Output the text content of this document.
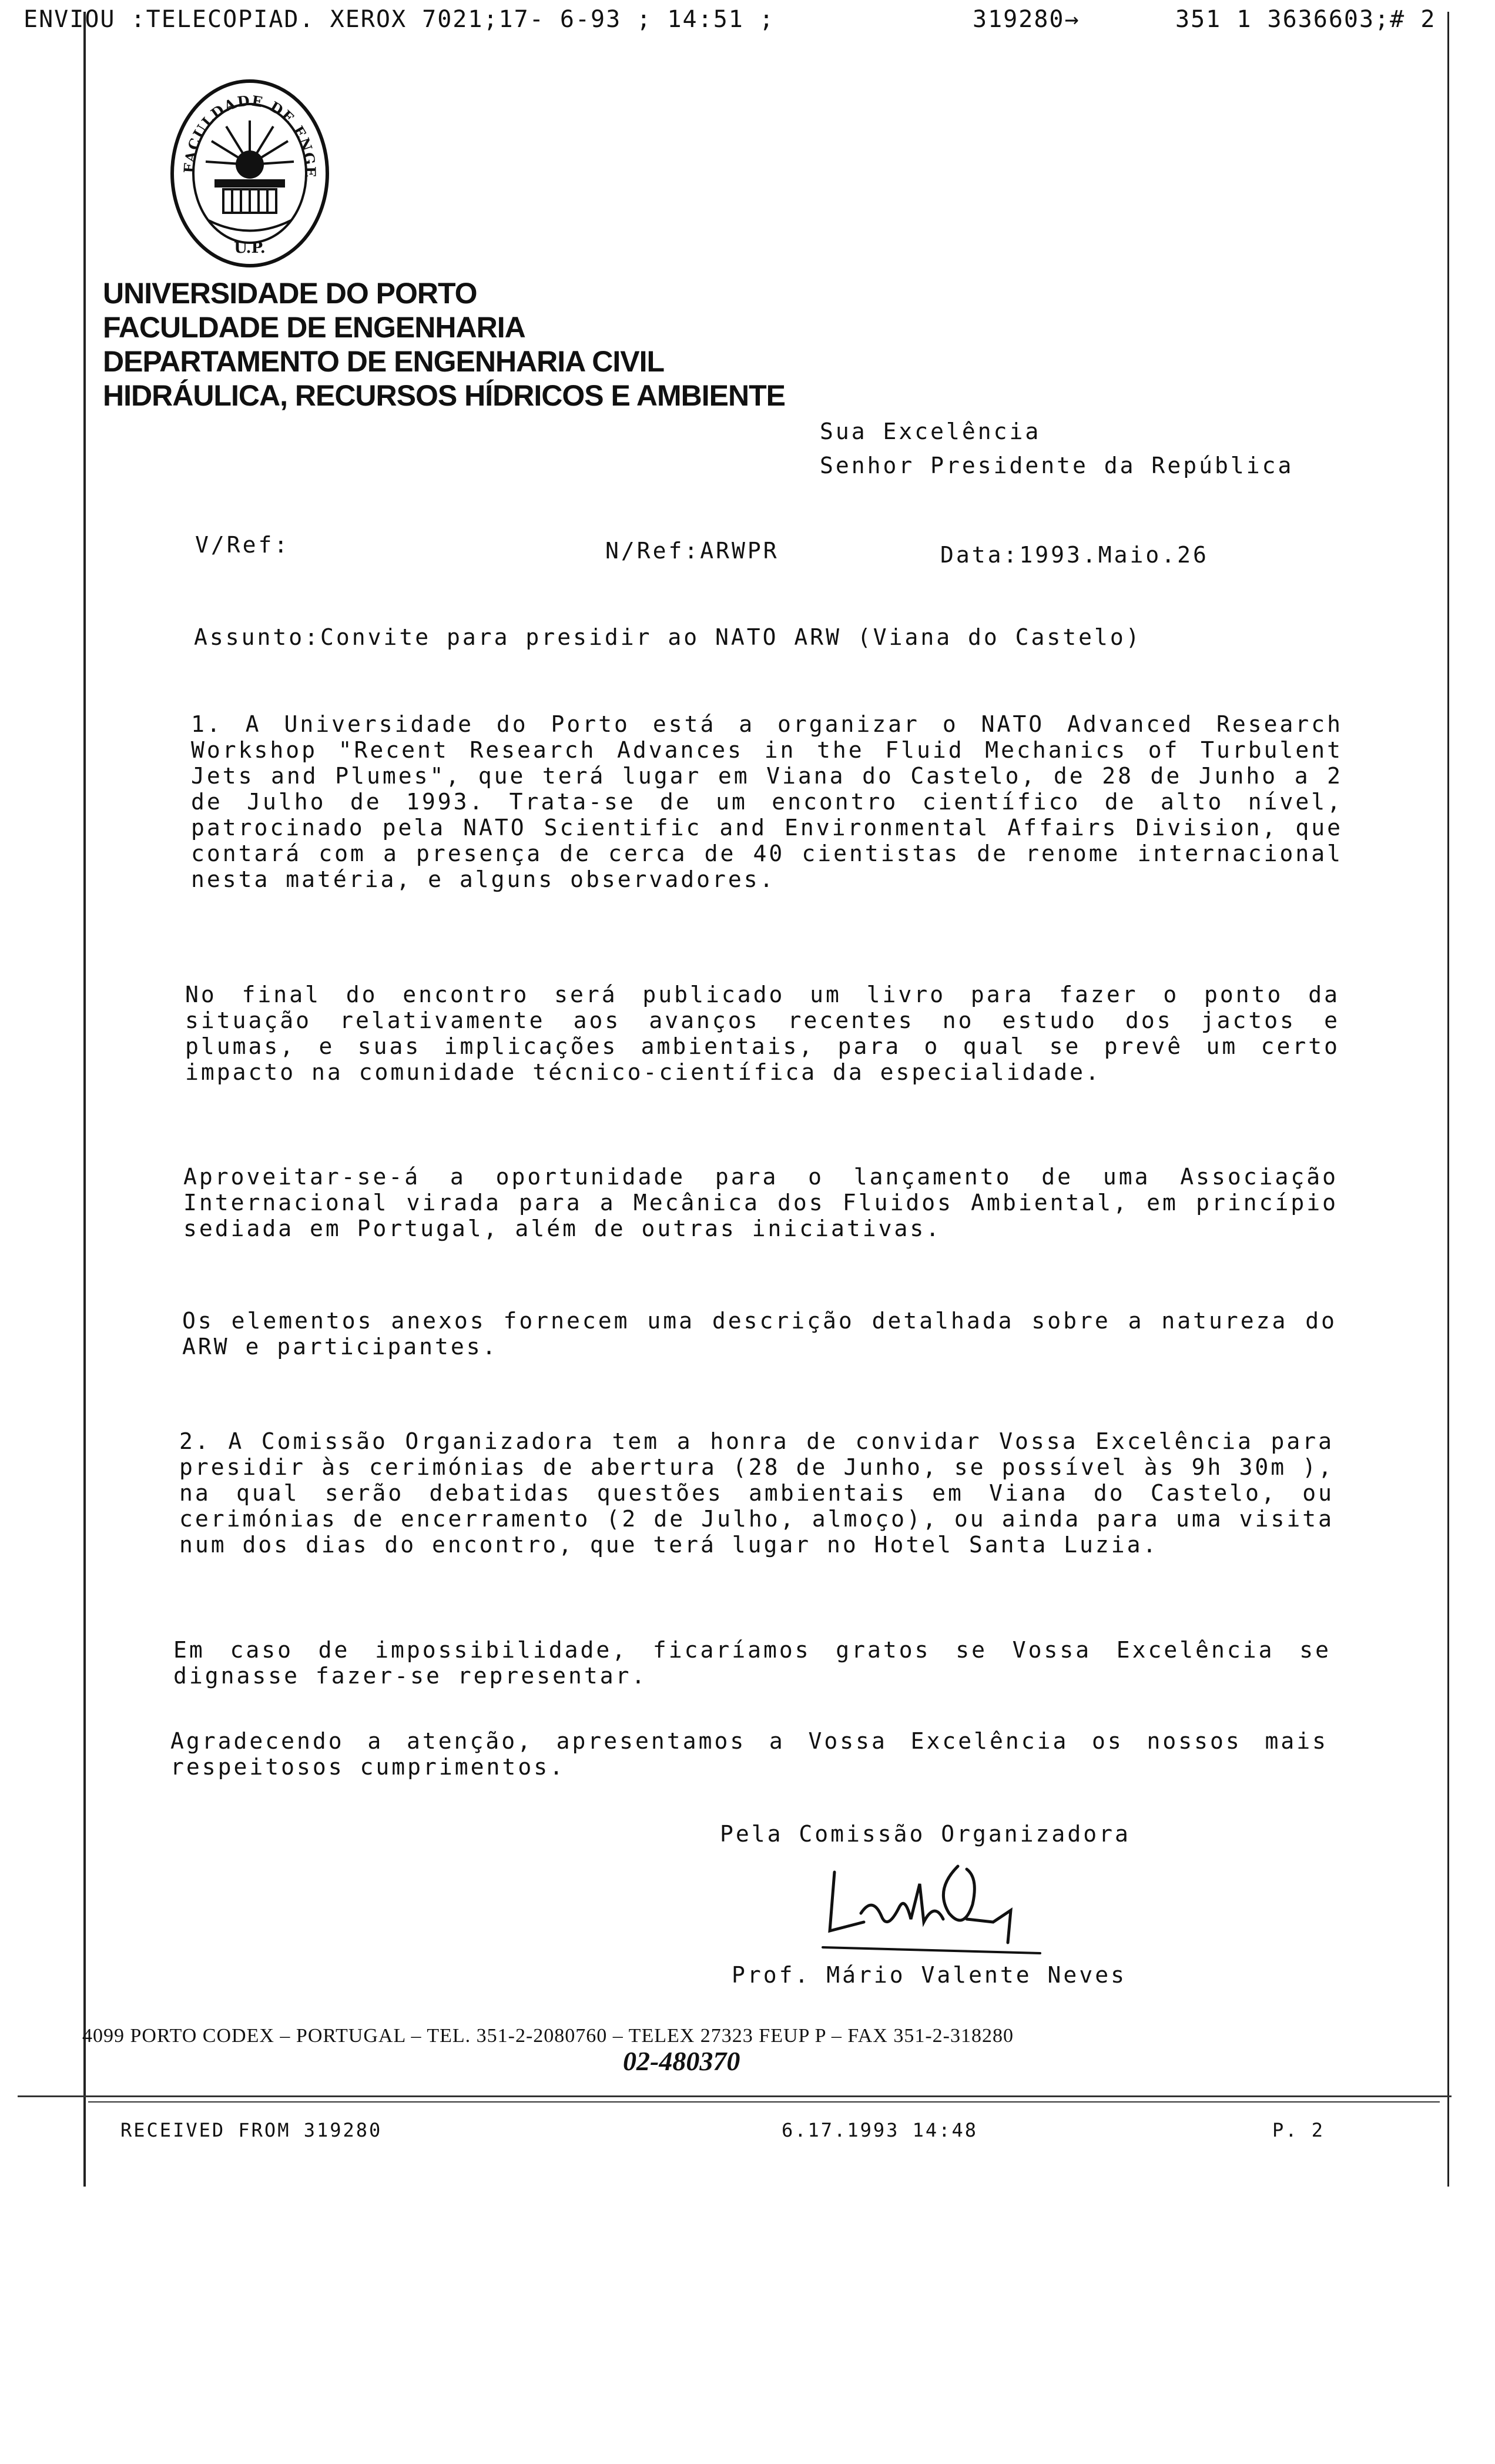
ENVIOU :TELECOPIAD. XEROX 7021;17- 6-93 ; 14:51 ;	319280→	351 1 3636603;# 2
FACULDADE DE ENGE
U.P.
UNIVERSIDADE DO PORTO
FACULDADE DE ENGENHARIA
DEPARTAMENTO DE ENGENHARIA CIVIL
HIDRÁULICA, RECURSOS HÍDRICOS E AMBIENTE
Sua Excelência
Senhor Presidente da República
V/Ref:	N/Ref:ARWPR	Data:1993.Maio.26
Assunto:Convite para presidir ao NATO ARW (Viana do Castelo)
1. A Universidade do Porto está a organizar o NATO Advanced Research Workshop "Recent Research Advances in the Fluid Mechanics of Turbulent Jets and Plumes", que terá lugar em Viana do Castelo, de 28 de Junho a 2 de Julho de 1993. Trata-se de um encontro científico de alto nível, patrocinado pela NATO Scientific and Environmental Affairs Division, que contará com a presença de cerca de 40 cientistas de renome internacional nesta matéria, e alguns observadores.
No final do encontro será publicado um livro para fazer o ponto da situação relativamente aos avanços recentes no estudo dos jactos e plumas, e suas implicações ambientais, para o qual se prevê um certo impacto na comunidade técnico-científica da especialidade.
Aproveitar-se-á a oportunidade para o lançamento de uma Associação Internacional virada para a Mecânica dos Fluidos Ambiental, em princípio sediada em Portugal, além de outras iniciativas.
Os elementos anexos fornecem uma descrição detalhada sobre a natureza do ARW e participantes.
2. A Comissão Organizadora tem a honra de convidar Vossa Excelência para presidir às cerimónias de abertura (28 de Junho, se possível às 9h 30m ), na qual serão debatidas questões ambientais em Viana do Castelo, ou cerimónias de encerramento (2 de Julho, almoço), ou ainda para uma visita num dos dias do encontro, que terá lugar no Hotel Santa Luzia.
Em caso de impossibilidade, ficaríamos gratos se Vossa Excelência se dignasse fazer-se representar.
Agradecendo a atenção, apresentamos a Vossa Excelência os nossos mais respeitosos cumprimentos.
Pela Comissão Organizadora
Prof. Mário Valente Neves
4099 PORTO CODEX – PORTUGAL – TEL. 351-2-2080760 – TELEX 27323 FEUP P – FAX 351-2-318280
02-480370
RECEIVED FROM 319280	6.17.1993 14:48	P. 2
